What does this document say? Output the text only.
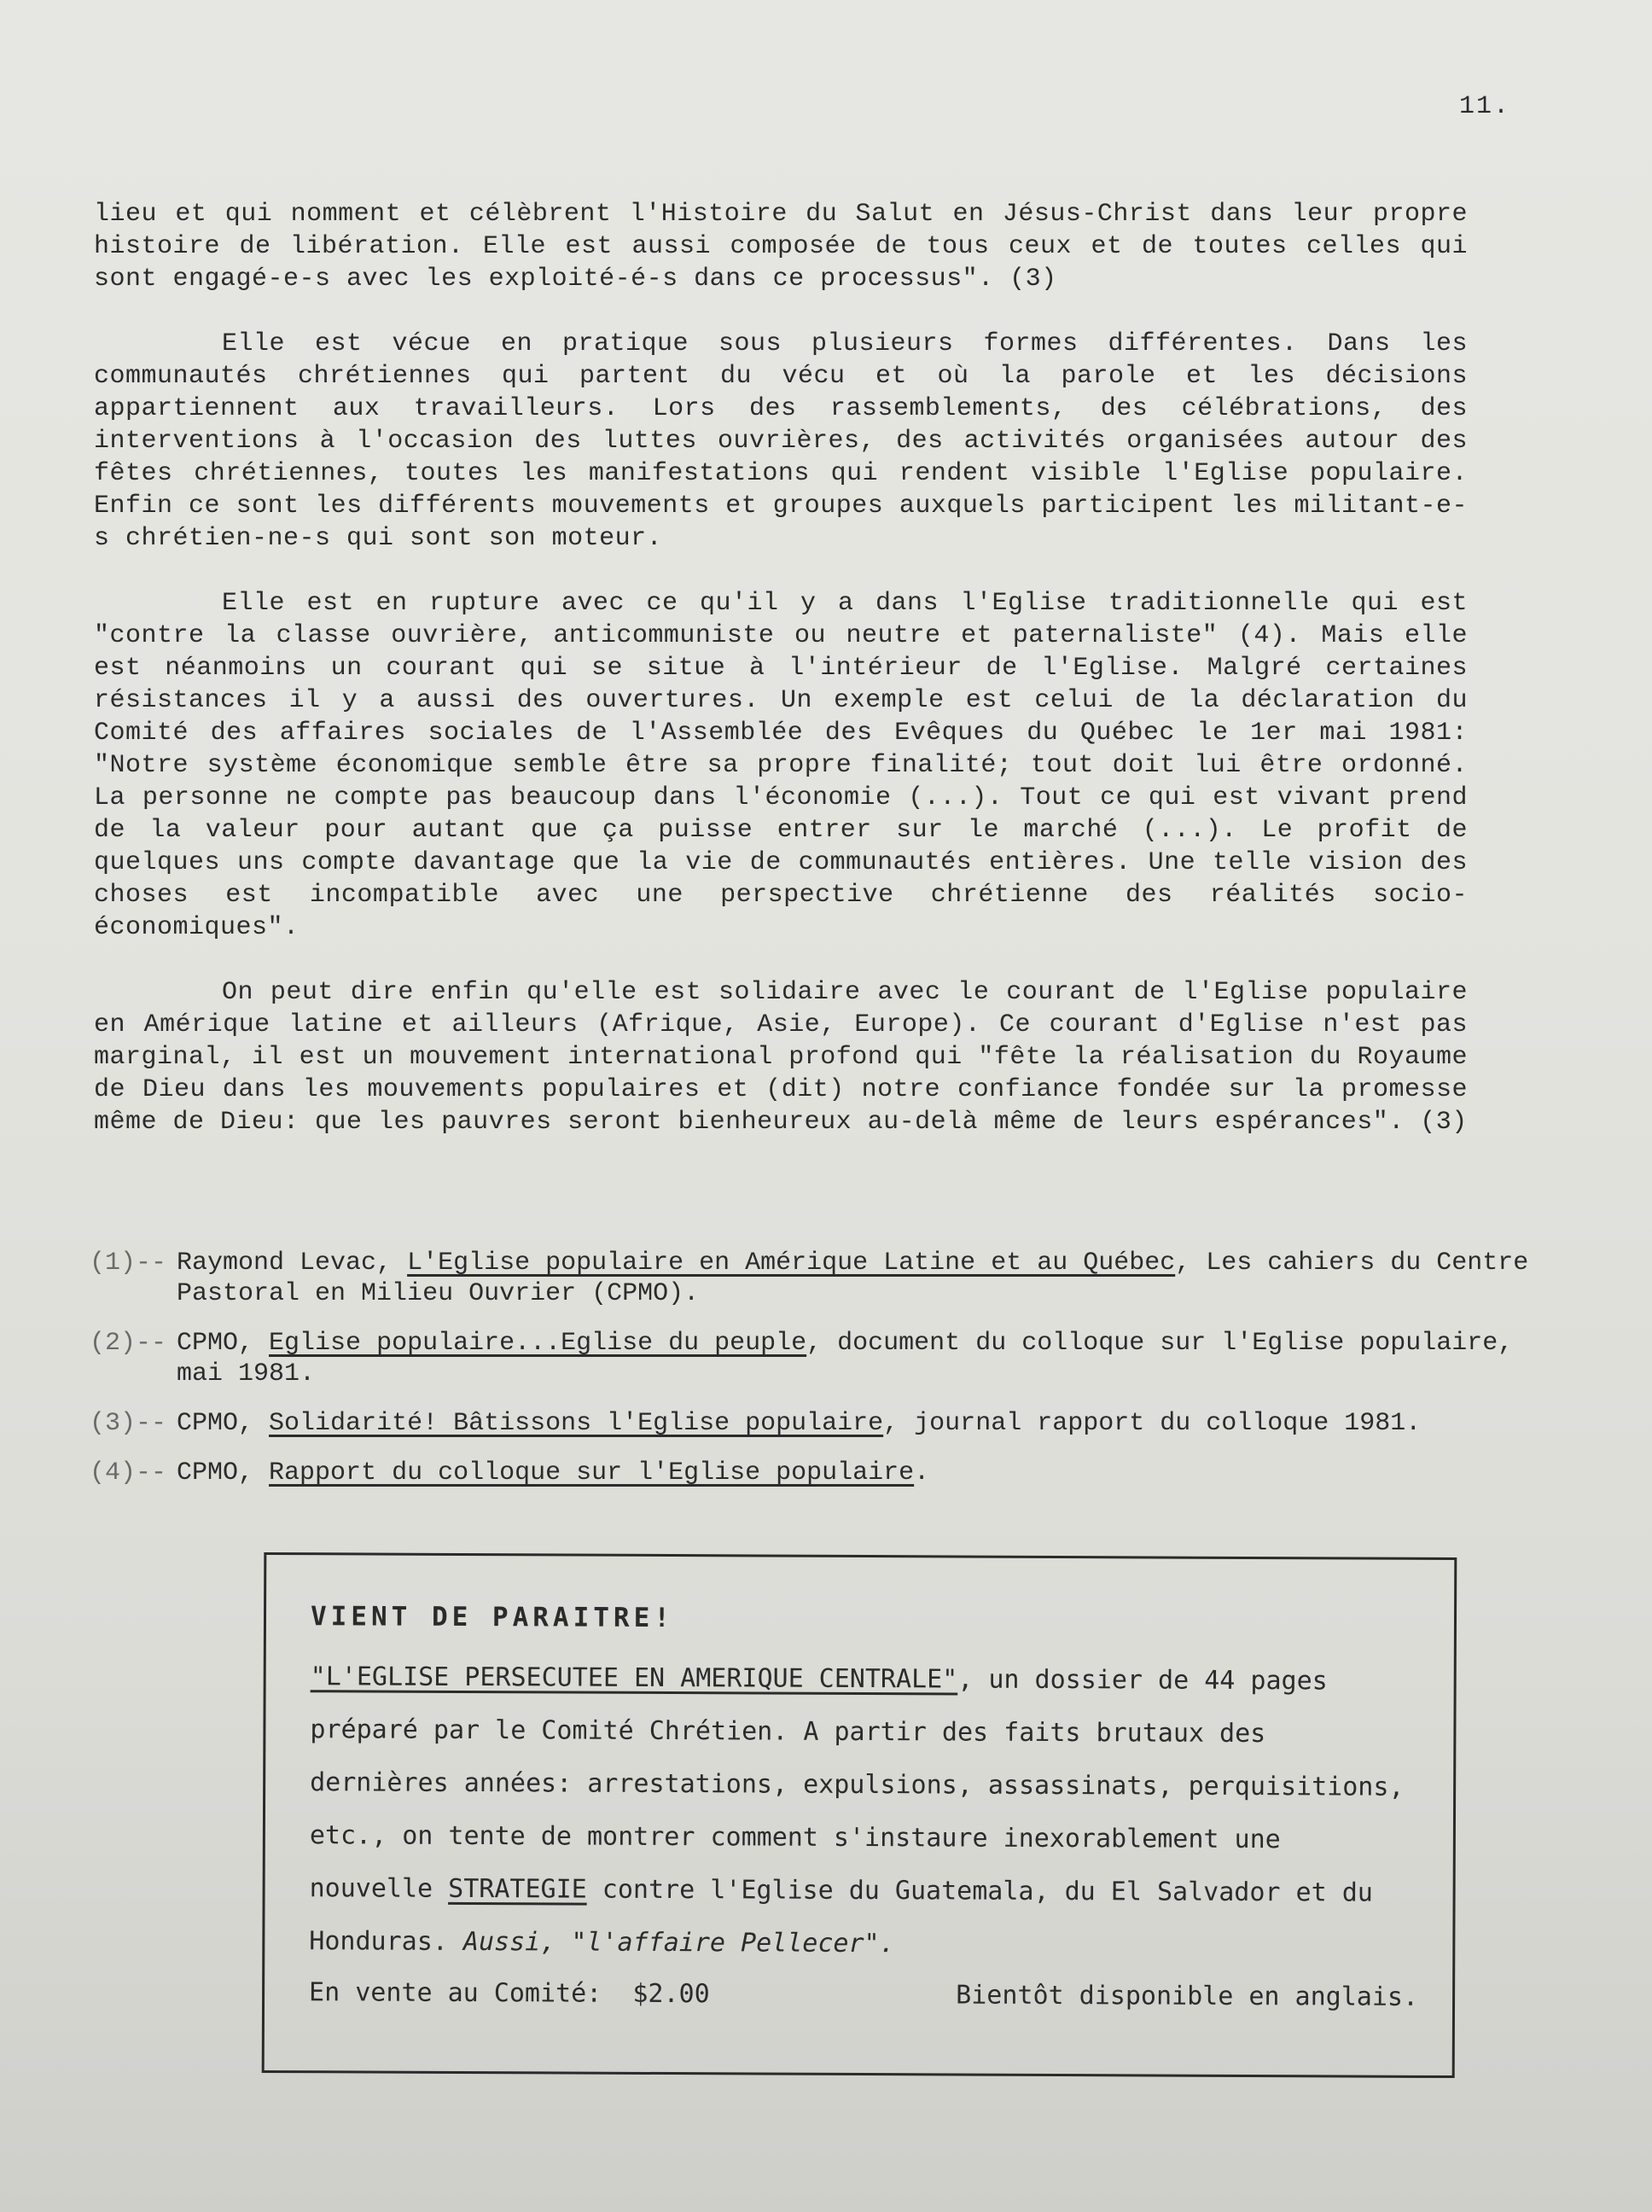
11.

lieu et qui nomment et célèbrent l'Histoire du Salut en Jésus-Christ dans leur propre histoire de libération. Elle est aussi composée de tous ceux et de toutes celles qui sont engagé-e-s avec les exploité-é-s dans ce processus". (3)

Elle est vécue en pratique sous plusieurs formes différentes. Dans les communautés chrétiennes qui partent du vécu et où la parole et les décisions appartiennent aux travailleurs. Lors des rassemblements, des célébrations, des interventions à l'occasion des luttes ouvrières, des activités organisées autour des fêtes chrétiennes, toutes les manifestations qui rendent visible l'Eglise populaire. Enfin ce sont les différents mouvements et groupes auxquels participent les militant-e-s chrétien-ne-s qui sont son moteur.

Elle est en rupture avec ce qu'il y a dans l'Eglise traditionnelle qui est "contre la classe ouvrière, anticommuniste ou neutre et paternaliste" (4). Mais elle est néanmoins un courant qui se situe à l'intérieur de l'Eglise. Malgré certaines résistances il y a aussi des ouvertures. Un exemple est celui de la déclaration du Comité des affaires sociales de l'Assemblée des Evêques du Québec le 1er mai 1981: "Notre système économique semble être sa propre finalité; tout doit lui être ordonné. La personne ne compte pas beaucoup dans l'économie (...). Tout ce qui est vivant prend de la valeur pour autant que ça puisse entrer sur le marché (...). Le profit de quelques uns compte davantage que la vie de communautés entières. Une telle vision des choses est incompatible avec une perspective chrétienne des réalités socio-économiques".

On peut dire enfin qu'elle est solidaire avec le courant de l'Eglise populaire en Amérique latine et ailleurs (Afrique, Asie, Europe). Ce courant d'Eglise n'est pas marginal, il est un mouvement international profond qui "fête la réalisation du Royaume de Dieu dans les mouvements populaires et (dit) notre confiance fondée sur la promesse même de Dieu: que les pauvres seront bienheureux au-delà même de leurs espérances". (3)

(1)-- Raymond Levac, L'Eglise populaire en Amérique Latine et au Québec, Les cahiers du Centre Pastoral en Milieu Ouvrier (CPMO).
(2)-- CPMO, Eglise populaire...Eglise du peuple, document du colloque sur l'Eglise populaire, mai 1981.
(3)-- CPMO, Solidarité! Bâtissons l'Eglise populaire, journal rapport du colloque 1981.
(4)-- CPMO, Rapport du colloque sur l'Eglise populaire.
VIENT DE PARAITRE!
"L'EGLISE PERSECUTEE EN AMERIQUE CENTRALE", un dossier de 44 pages préparé par le Comité Chrétien. A partir des faits brutaux des dernières années: arrestations, expulsions, assassinats, perquisitions, etc., on tente de montrer comment s'instaure inexorablement une nouvelle STRATEGIE contre l'Eglise du Guatemala, du El Salvador et du Honduras. Aussi, "l'affaire Pellecer".
En vente au Comité: $2.00	Bientôt disponible en anglais.
